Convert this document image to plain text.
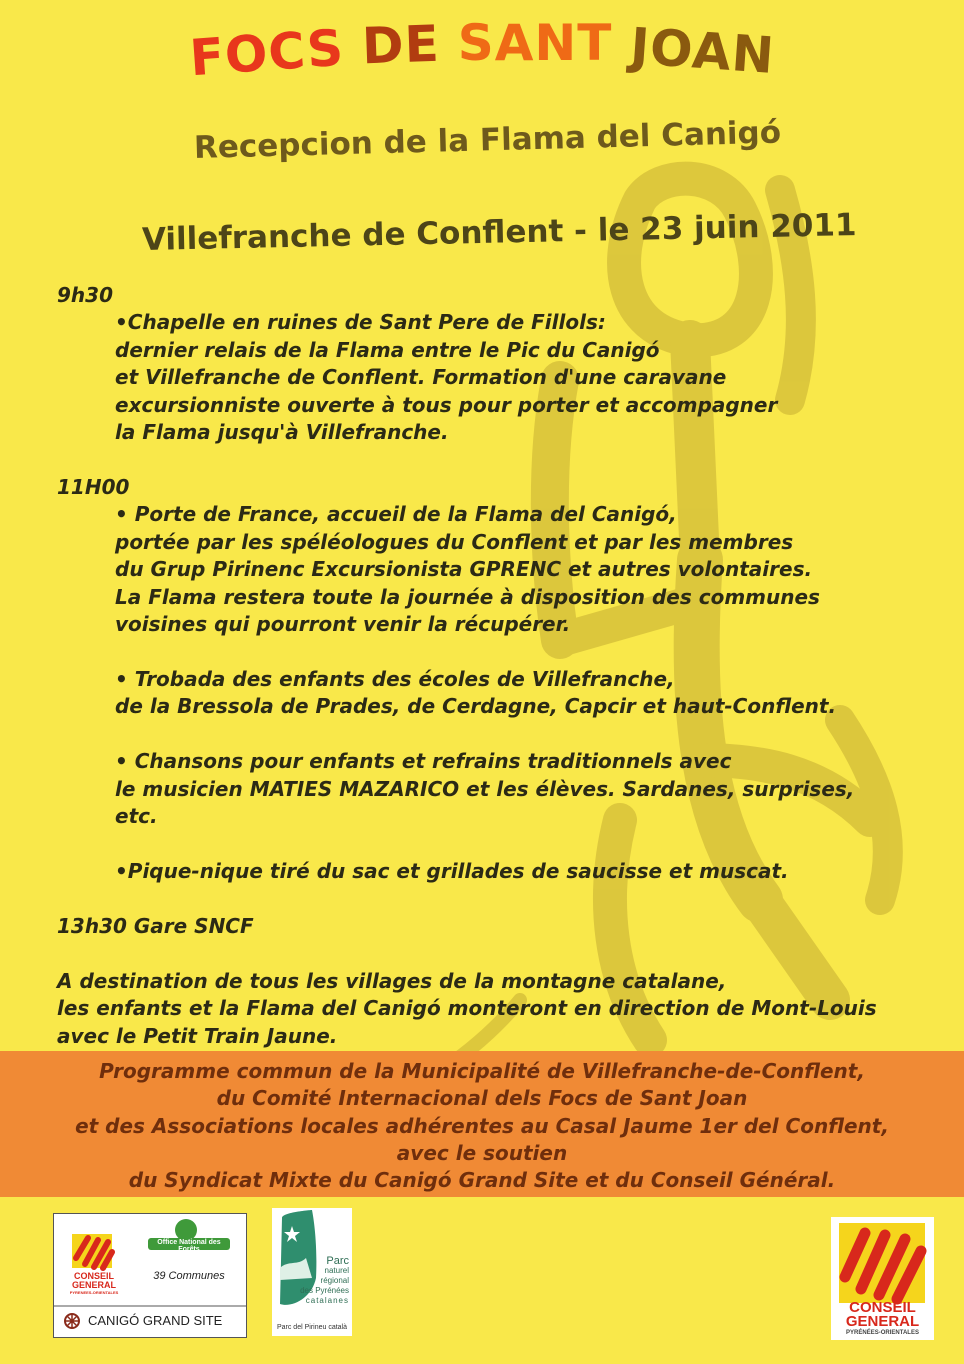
FOCS DE SANT JOAN
Recepcion de la Flama del Canigó
Villefranche de Conflent - le 23 juin 2011
9h30
•Chapelle en ruines de Sant Pere de Fillols:
dernier relais de la Flama entre le Pic du Canigó
et Villefranche de Conflent. Formation d'une caravane
excursionniste ouverte à tous pour porter et accompagner
la Flama jusqu'à Villefranche.
11H00
• Porte de France, accueil de la Flama del Canigó,
portée par les spéléologues du Conflent et par les membres
du Grup Pirinenc Excursionista GPRENC et autres volontaires.
La Flama restera toute la journée à disposition des communes
voisines qui pourront venir la récupérer.
• Trobada des enfants des écoles de Villefranche,
de la Bressola de Prades, de Cerdagne, Capcir et haut-Conflent.
• Chansons pour enfants et refrains traditionnels avec
le musicien MATIES MAZARICO et les élèves. Sardanes, surprises,
etc.
•Pique-nique tiré du sac et grillades de saucisse et muscat.
13h30 Gare SNCF
A destination de tous les villages de la montagne catalane,
les enfants et la Flama del Canigó monteront en direction de Mont-Louis
avec le Petit Train Jaune.
Programme commun de la Municipalité de Villefranche-de-Conflent,
du Comité Internacional dels Focs de Sant Joan
et des Associations locales adhérentes au Casal Jaume 1er del Conflent,
avec le soutien
du Syndicat Mixte du Canigó Grand Site et du Conseil Général.
CONSEIL
GENERAL
PYRENEES-ORIENTALES
Office National des Forêts
39 Communes
CANIGÓ GRAND SITE
Parc
naturel
régional
des Pyrénées
catalanes
Parc del Pirineu català
CONSEIL
GENERAL
PYRÉNÉES-ORIENTALES
